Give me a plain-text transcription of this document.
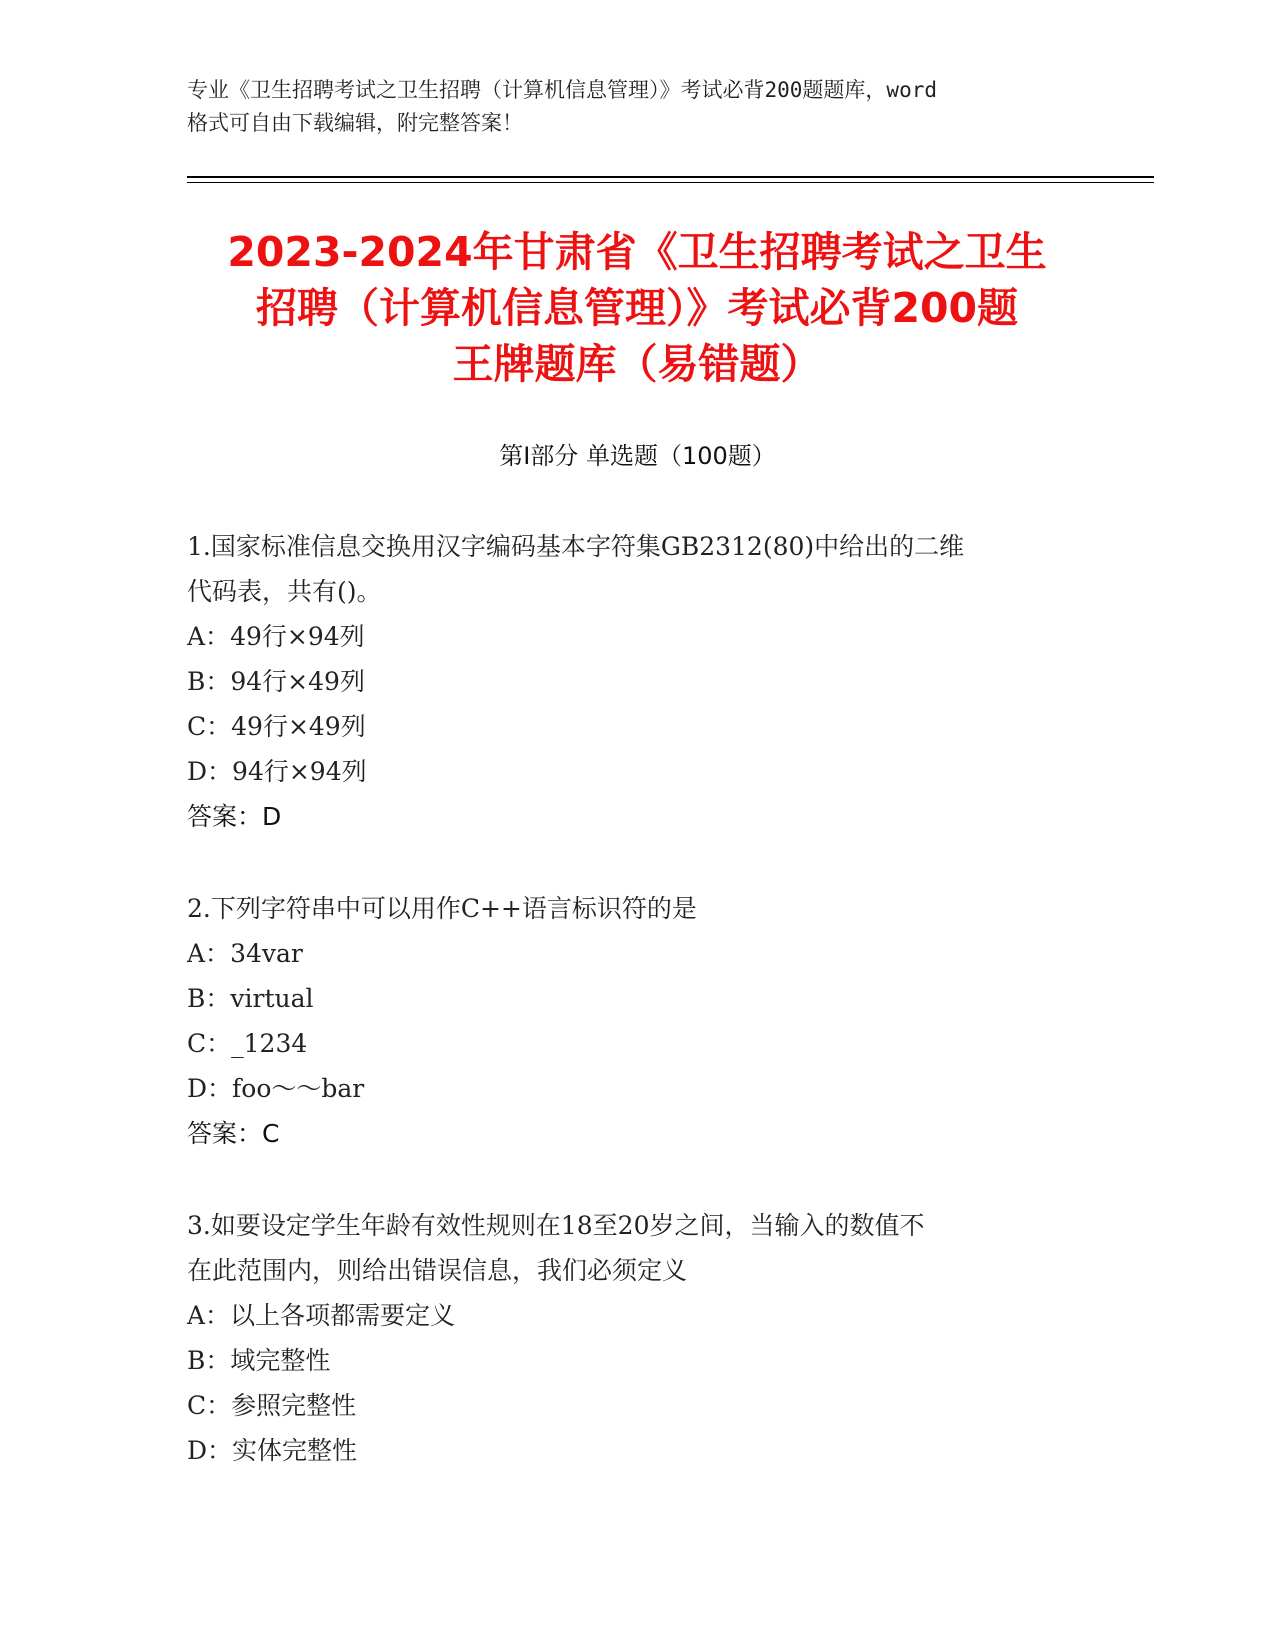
专业《卫生招聘考试之卫生招聘（计算机信息管理）》考试必背200题题库，word
格式可自由下载编辑，附完整答案！
2023-2024年甘肃省《卫生招聘考试之卫生
招聘（计算机信息管理）》考试必背200题
王牌题库（易错题）
第Ⅰ部分 单选题（100题）
1.国家标准信息交换用汉字编码基本字符集GB2312(80)中给出的二维
代码表，共有()。
A：49行×94列
B：94行×49列
C：49行×49列
D：94行×94列
答案：D
2.下列字符串中可以用作C++语言标识符的是
A：34var
B：virtual
C：_1234
D：foo～～bar
答案：C
3.如要设定学生年龄有效性规则在18至20岁之间，当输入的数值不
在此范围内，则给出错误信息，我们必须定义
A：以上各项都需要定义
B：域完整性
C：参照完整性
D：实体完整性
